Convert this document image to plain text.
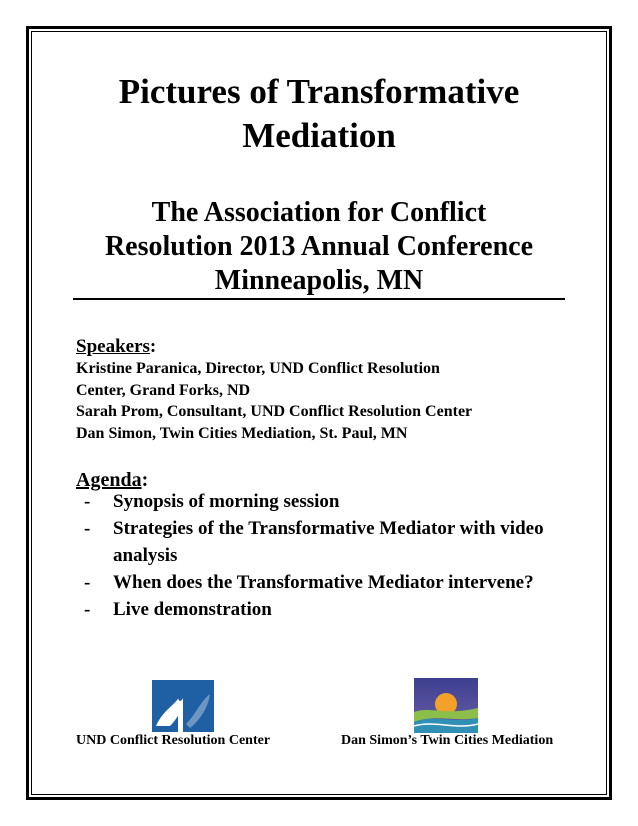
Pictures of Transformative
Mediation
The Association for Conflict
Resolution 2013 Annual Conference
Minneapolis, MN
Speakers:
Kristine Paranica, Director, UND Conflict Resolution
Center, Grand Forks, ND
Sarah Prom, Consultant, UND Conflict Resolution Center
Dan Simon, Twin Cities Mediation, St. Paul, MN
Agenda:
- Synopsis of morning session
- Strategies of the Transformative Mediator with video analysis
- When does the Transformative Mediator intervene?
- Live demonstration
UND Conflict Resolution Center	Dan Simon’s Twin Cities Mediation
